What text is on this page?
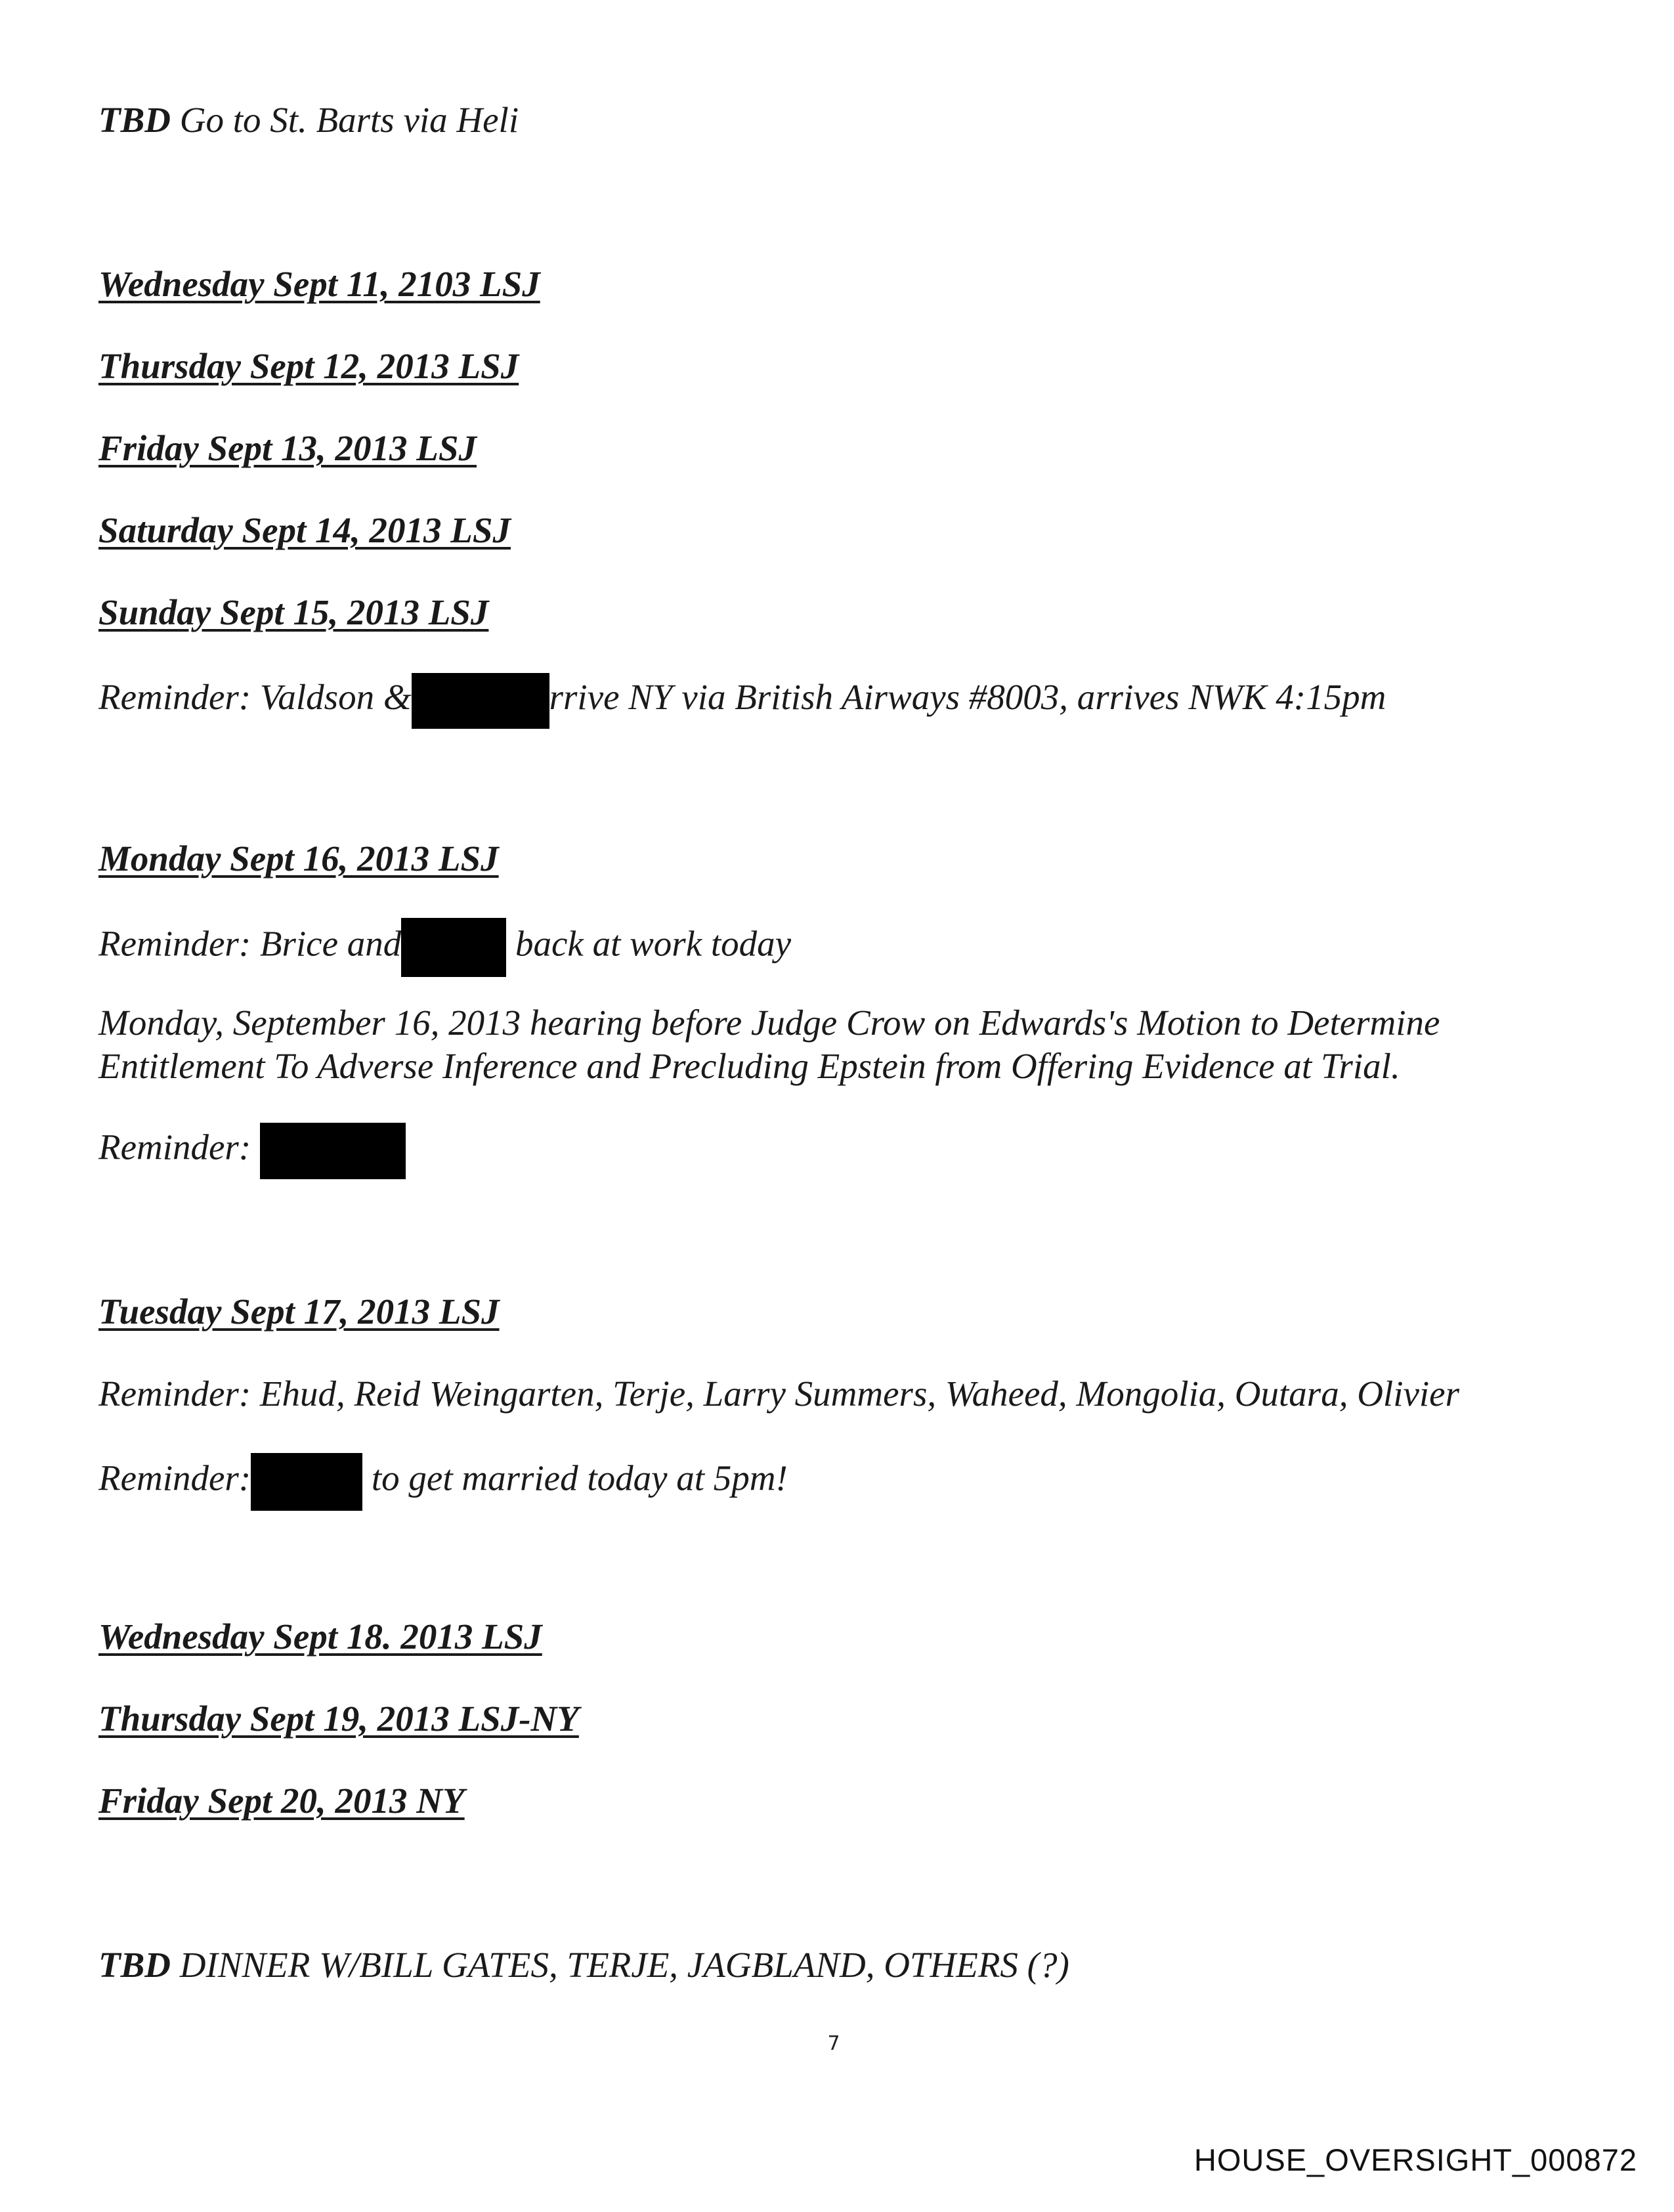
TBD Go to St. Barts via Heli
Wednesday Sept 11, 2103 LSJ
Thursday Sept 12, 2013 LSJ
Friday Sept 13, 2013 LSJ
Saturday Sept 14, 2013 LSJ
Sunday Sept 15, 2013 LSJ
Reminder: Valdson &	rrive NY via British Airways #8003, arrives NWK 4:15pm
Monday Sept 16, 2013 LSJ
Reminder: Brice and	back at work today
Monday, September 16, 2013 hearing before Judge Crow on Edwards's Motion to Determine Entitlement To Adverse Inference and Precluding Epstein from Offering Evidence at Trial.
Reminder:
Tuesday Sept 17, 2013 LSJ
Reminder: Ehud, Reid Weingarten, Terje, Larry Summers, Waheed, Mongolia, Outara, Olivier
Reminder:	to get married today at 5pm!
Wednesday Sept 18. 2013 LSJ
Thursday Sept 19, 2013 LSJ-NY
Friday Sept 20, 2013 NY
TBD DINNER W/BILL GATES, TERJE, JAGBLAND, OTHERS (?)
7
HOUSE_OVERSIGHT_000872
